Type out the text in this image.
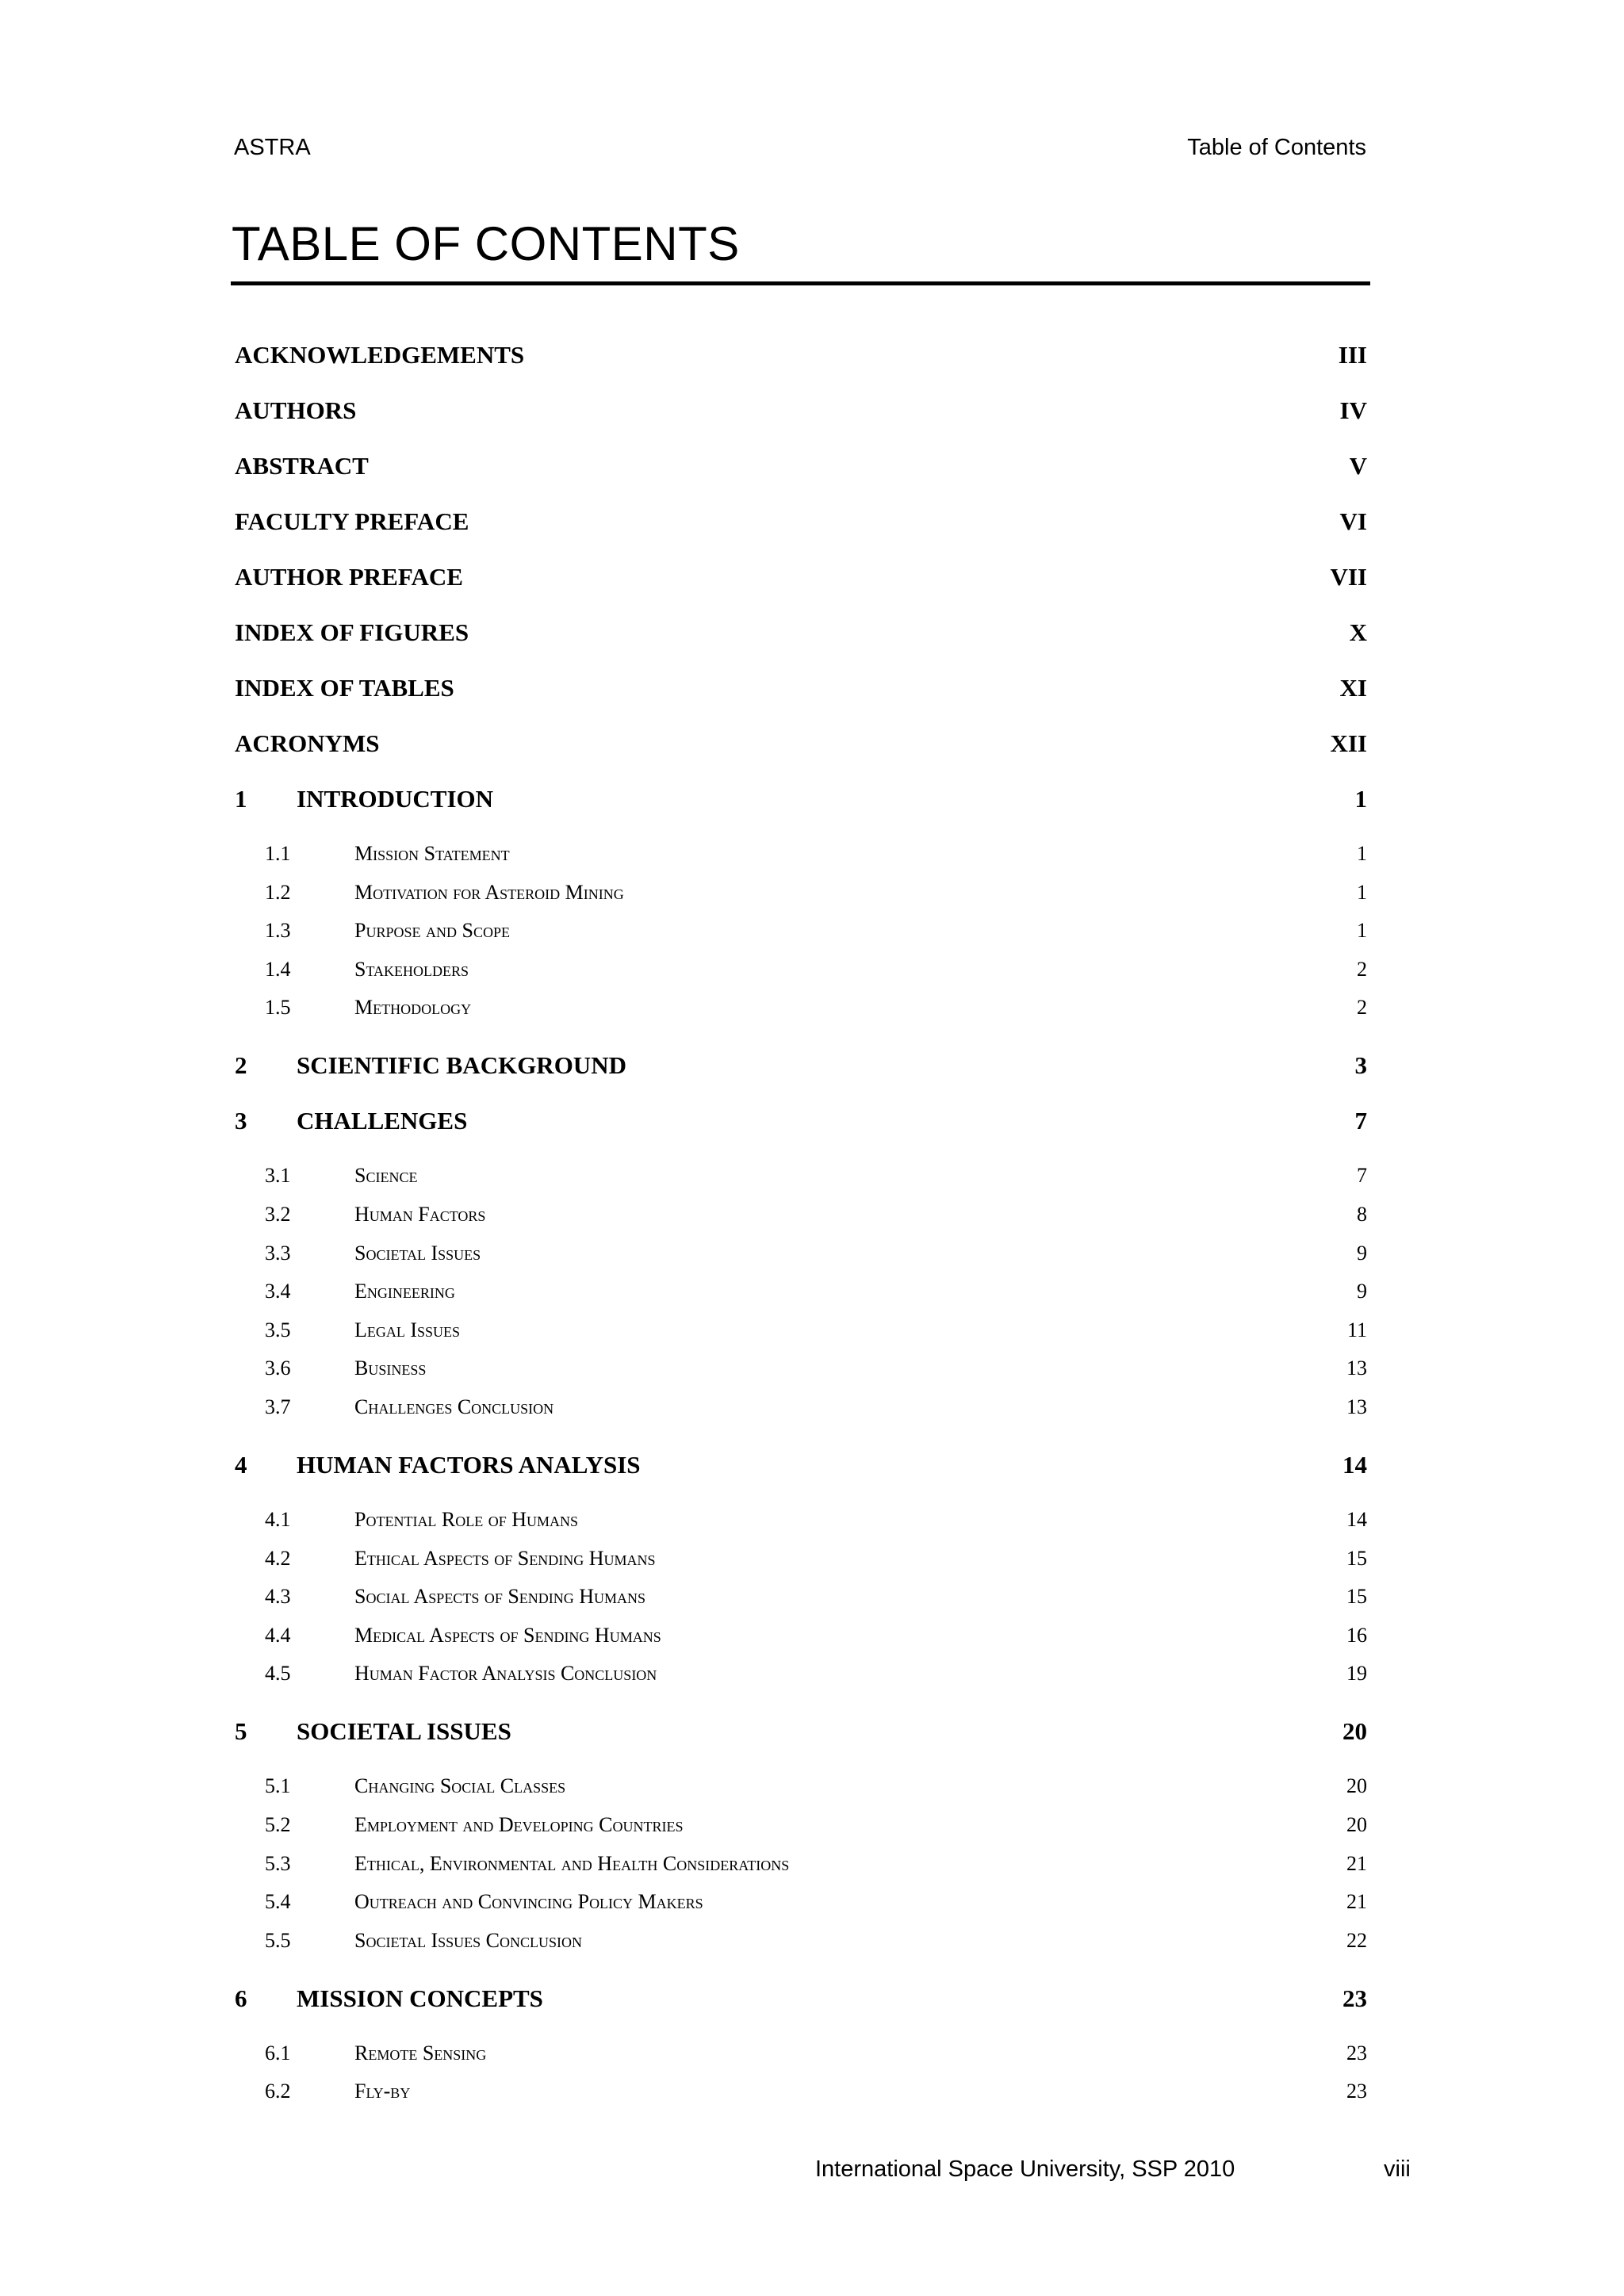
ASTRA	Table of Contents
TABLE OF CONTENTS
ACKNOWLEDGEMENTS	III
AUTHORS	IV
ABSTRACT	V
FACULTY PREFACE	VI
AUTHOR PREFACE	VII
INDEX OF FIGURES	X
INDEX OF TABLES	XI
ACRONYMS	XII
1	INTRODUCTION	1
1.1	Mission Statement	1
1.2	Motivation for Asteroid Mining	1
1.3	Purpose and Scope	1
1.4	Stakeholders	2
1.5	Methodology	2
2	SCIENTIFIC BACKGROUND	3
3	CHALLENGES	7
3.1	Science	7
3.2	Human Factors	8
3.3	Societal Issues	9
3.4	Engineering	9
3.5	Legal Issues	11
3.6	Business	13
3.7	Challenges Conclusion	13
4	HUMAN FACTORS ANALYSIS	14
4.1	Potential Role of Humans	14
4.2	Ethical Aspects of Sending Humans	15
4.3	Social Aspects of Sending Humans	15
4.4	Medical Aspects of Sending Humans	16
4.5	Human Factor Analysis Conclusion	19
5	SOCIETAL ISSUES	20
5.1	Changing Social Classes	20
5.2	Employment and Developing Countries	20
5.3	Ethical, Environmental and Health Considerations	21
5.4	Outreach and Convincing Policy Makers	21
5.5	Societal Issues Conclusion	22
6	MISSION CONCEPTS	23
6.1	Remote Sensing	23
6.2	Fly-by	23
International Space University, SSP 2010	viii
